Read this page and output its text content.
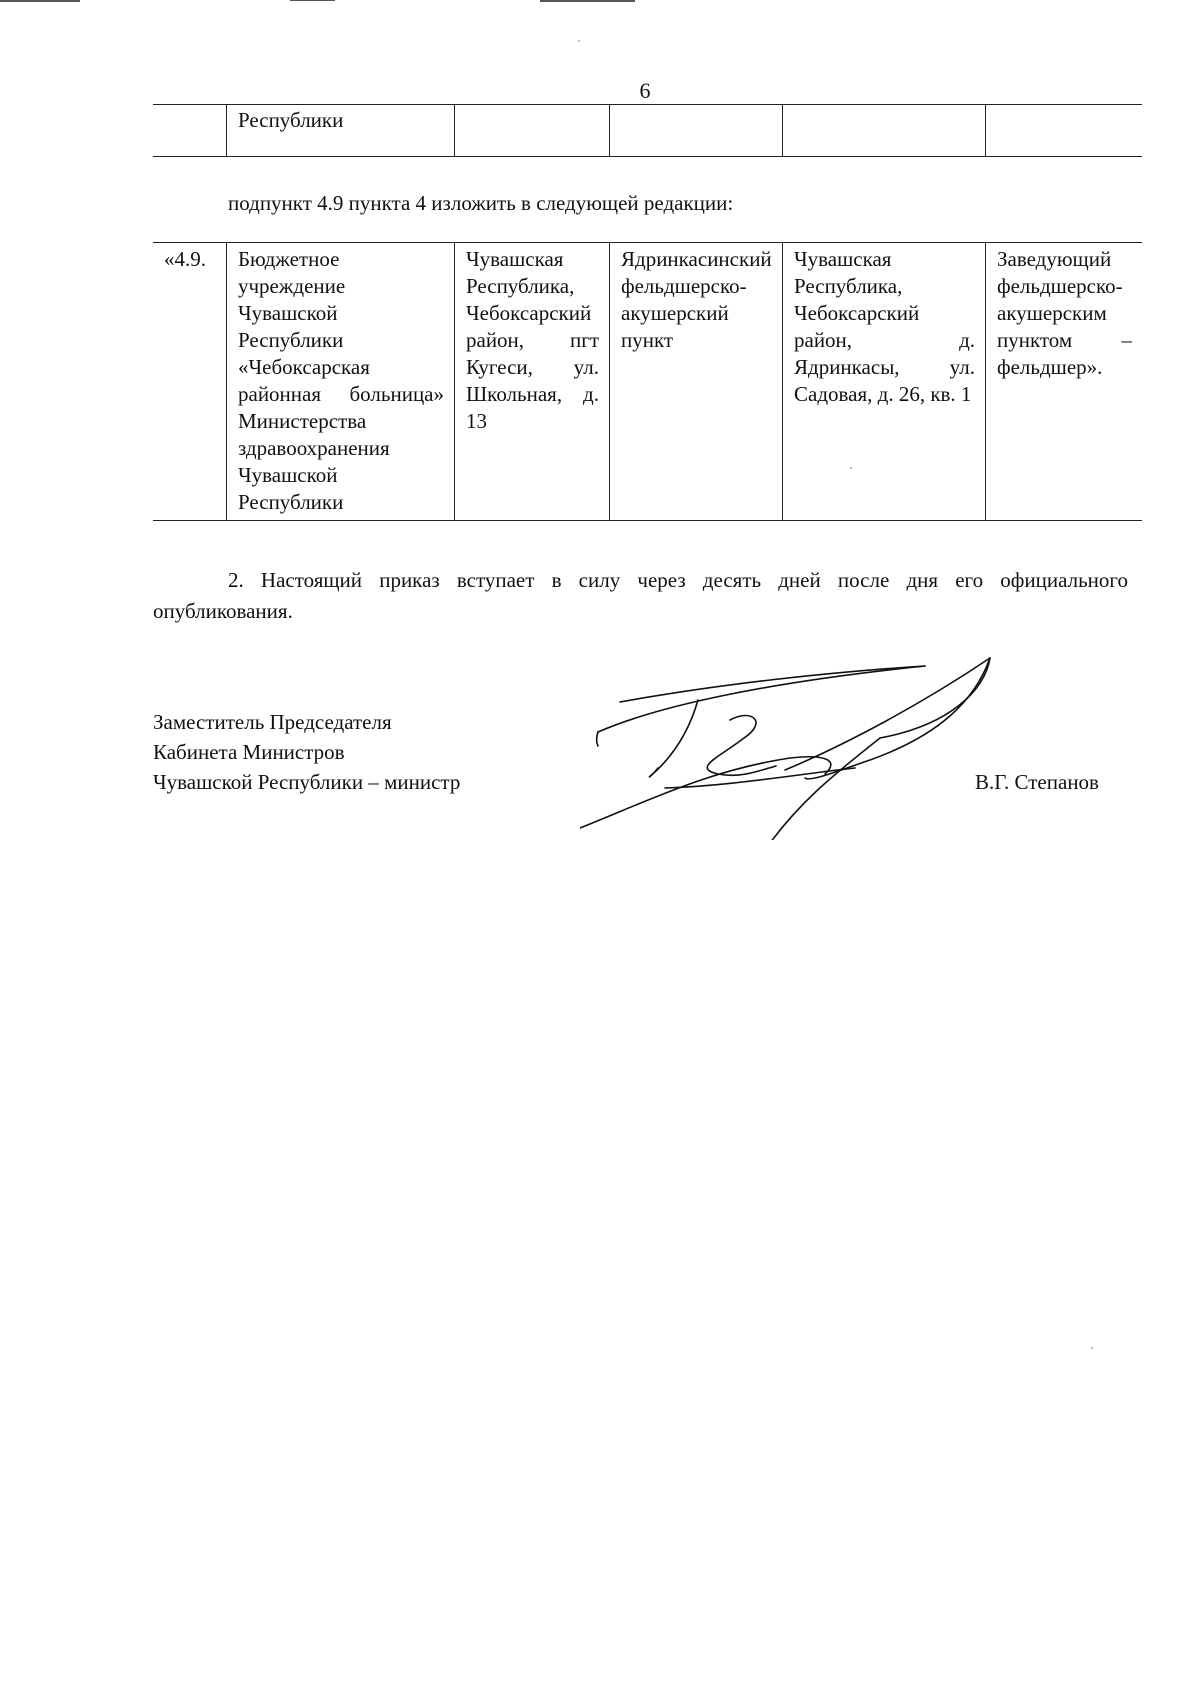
6
	Республики				
подпункт 4.9 пункта 4 изложить в следующей редакции:
«4.9.	Бюджетное учреждение Чувашской Республики «Чебоксарская районная больница» Министерства здравоохранения Чувашской Республики	Чувашская Республика, Чебоксарский район, пгт Кугеси, ул. Школьная, д. 13	Ядринкасинский фельдшерско-акушерский пункт	Чувашская Республика, Чебоксарский район, д. Ядринкасы, ул. Садовая, д. 26, кв. 1	Заведующий фельдшерско-акушерским пунктом – фельдшер».
2. Настоящий приказ вступает в силу через десять дней после дня его официального опубликования.
Заместитель Председателя
Кабинета Министров
Чувашской Республики – министр	В.Г. Степанов
